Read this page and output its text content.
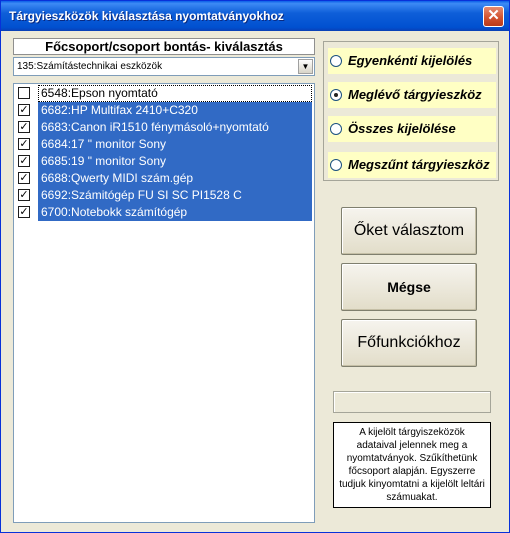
Tárgyieszközök kiválasztása nyomtatványokhoz	✕
Főcsoport/csoport bontás- kiválasztás
135:Számítástechnikai eszközök	▼
6548:Epson nyomtató
✓ 6682:HP Multifax 2410+C320
✓ 6683:Canon iR1510 fénymásoló+nyomtató
✓ 6684:17 " monitor Sony
✓ 6685:19 " monitor Sony
✓ 6688:Qwerty MIDI szám.gép
✓ 6692:Számitógép FU SI SC PI1528 C
✓ 6700:Notebokk számítógép
Egyenkénti kijelölés
Meglévő tárgyieszköz
Összes kijelölése
Megszűnt tárgyieszköz
Őket választom
Mégse
Főfunkciókhoz
A kijelölt tárgyiszeközök adataival jelennek meg a nyomtatványok. Szűkíthetünk főcsoport alapján. Egyszerre tudjuk kinyomtatni a kijelölt leltári számuakat.
